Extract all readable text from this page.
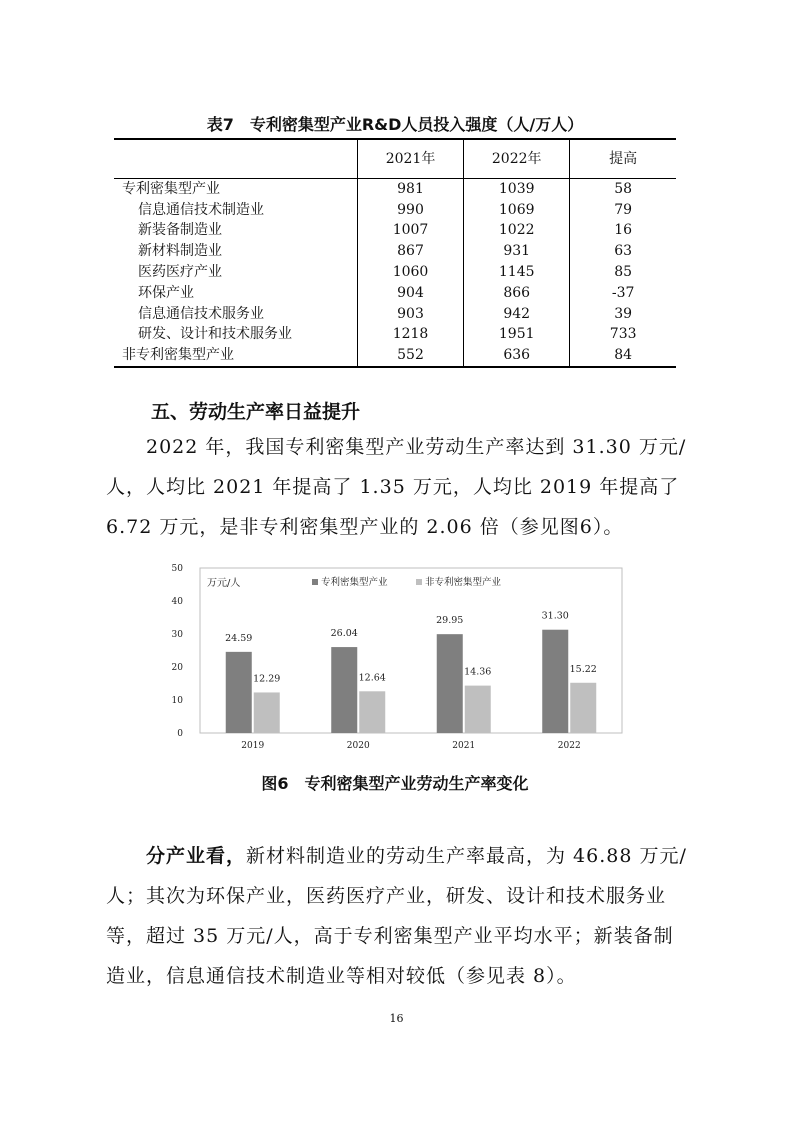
表7　专利密集型产业R&D人员投入强度（人/万人）
	2021年	2022年	提高
专利密集型产业	981	1039	58
信息通信技术制造业	990	1069	79
新装备制造业	1007	1022	16
新材料制造业	867	931	63
医药医疗产业	1060	1145	85
环保产业	904	866	-37
信息通信技术服务业	903	942	39
研发、设计和技术服务业	1218	1951	733
非专利密集型产业	552	636	84
五、劳动生产率日益提升
2022 年，我国专利密集型产业劳动生产率达到 31.30 万元/人，人均比 2021 年提高了 1.35 万元，人均比 2019 年提高了 6.72 万元，是非专利密集型产业的 2.06 倍（参见图6）。
0
10
20
30
40
50
万元/人	专利密集型产业	非专利密集型产业
24.59
12.29
2019
26.04
12.64
2020
29.95
14.36
2021
31.30
15.22
2022
图6　专利密集型产业劳动生产率变化
分产业看，新材料制造业的劳动生产率最高，为 46.88 万元/人；其次为环保产业，医药医疗产业，研发、设计和技术服务业等，超过 35 万元/人，高于专利密集型产业平均水平；新装备制造业，信息通信技术制造业等相对较低（参见表 8）。
16
